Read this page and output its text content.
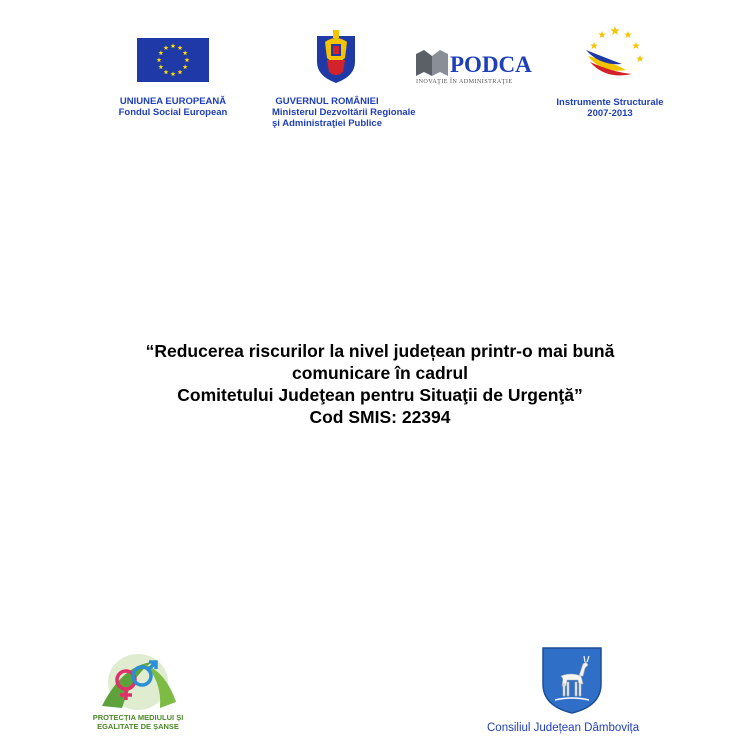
UNIUNEA EUROPEANĂ
Fondul Social European
GUVERNUL ROMÂNIEI
Ministerul Dezvoltării Regionale
şi Administraţiei Publice
PODCA
INOVAŢIE ÎN ADMINISTRAŢIE
Instrumente Structurale
2007-2013
“Reducerea riscurilor la nivel județean printr-o mai bună
comunicare în cadrul
Comitetului Judeţean pentru Situaţii de Urgenţă”
Cod SMIS: 22394
PROTECȚIA MEDIULUI ȘI
EGALITATE DE ȘANSE	Consiliul Județean Dâmbovița
